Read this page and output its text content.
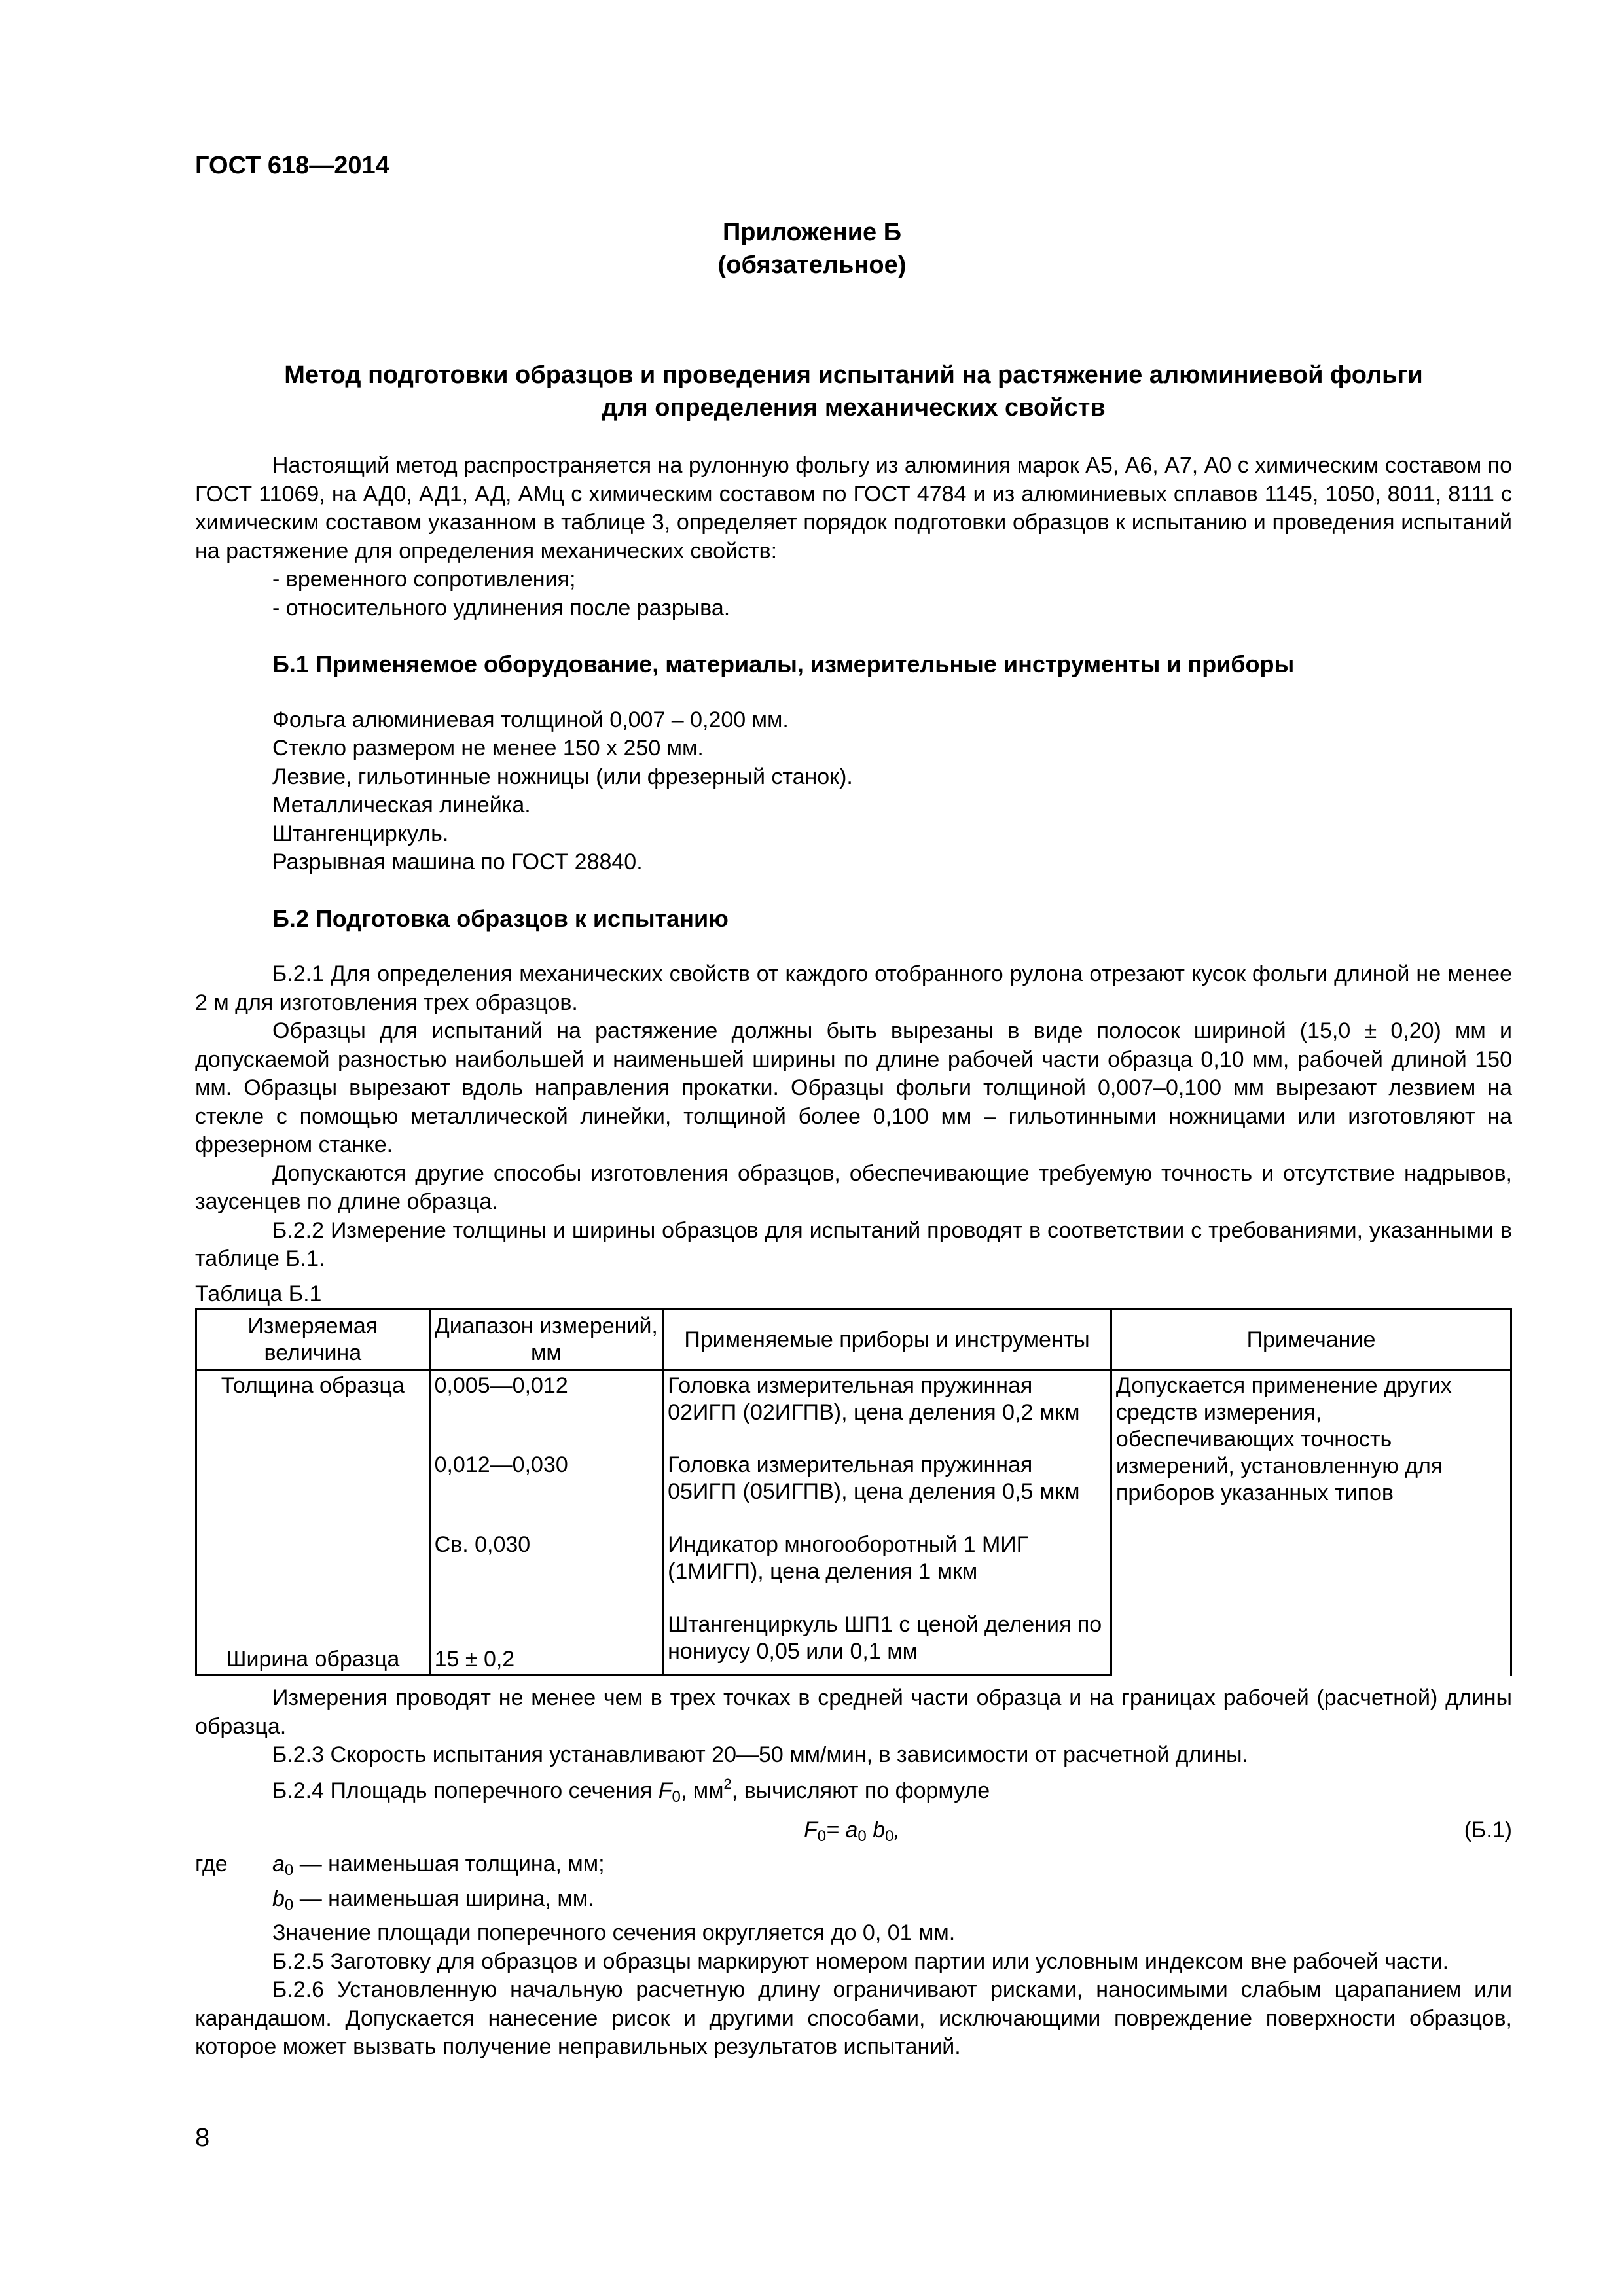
ГОСТ 618—2014
Приложение Б
(обязательное)
Метод подготовки образцов и проведения испытаний на растяжение алюминиевой фольги
для определения механических свойств

Настоящий метод распространяется на рулонную фольгу из алюминия марок А5, А6, А7, А0 с химическим составом по ГОСТ 11069, на АД0, АД1, АД, АМц с химическим составом по ГОСТ 4784 и из алюминиевых сплавов 1145, 1050, 8011, 8111 с химическим составом указанном в таблице 3, определяет порядок подготовки образцов к испытанию и проведения испытаний на растяжение для определения механических свойств:

- временного сопротивления;

- относительного удлинения после разрыва.

Б.1 Применяемое оборудование, материалы, измерительные инструменты и приборы

Фольга алюминиевая толщиной 0,007 – 0,200 мм.

Стекло размером не менее 150 х 250 мм.

Лезвие, гильотинные ножницы (или фрезерный станок).

Металлическая линейка.

Штангенциркуль.

Разрывная машина по ГОСТ 28840.

Б.2 Подготовка образцов к испытанию

Б.2.1 Для определения механических свойств от каждого отобранного рулона отрезают кусок фольги длиной не менее 2 м для изготовления трех образцов.

Образцы для испытаний на растяжение должны быть вырезаны в виде полосок шириной (15,0 ± 0,20) мм и допускаемой разностью наибольшей и наименьшей ширины по длине рабочей части образца 0,10 мм, рабочей длиной 150 мм. Образцы вырезают вдоль направления прокатки. Образцы фольги толщиной 0,007–0,100 мм вырезают лезвием на стекле с помощью металлической линейки, толщиной более 0,100 мм – гильотинными ножницами или изготовляют на фрезерном станке.

Допускаются другие способы изготовления образцов, обеспечивающие требуемую точность и отсутствие надрывов, заусенцев по длине образца.

Б.2.2 Измерение толщины и ширины образцов для испытаний проводят в соответствии с требованиями, указанными в таблице Б.1.

Таблица Б.1

Измеряемая величина	Диапазон измерений, мм	Применяемые приборы и инструменты	Примечание
Толщина образца	0,005—0,012	Головка измерительная пружинная 02ИГП (02ИГПВ), цена деления 0,2 мкм	Допускается применение других средств измерения, обеспечивающих точность измерений, установленную для приборов указанных типов
	0,012—0,030	Головка измерительная пружинная 05ИГП (05ИГПВ), цена деления 0,5 мкм	
	Св. 0,030	Индикатор многооборотный 1 МИГ (1МИГП), цена деления 1 мкм	
Ширина образца	15 ± 0,2	Штангенциркуль ШП1 с ценой деления по нониусу 0,05 или 0,1 мм	

Измерения проводят не менее чем в трех точках в средней части образца и на границах рабочей (расчетной) длины образца.

Б.2.3 Скорость испытания устанавливают 20—50 мм/мин, в зависимости от расчетной длины.

Б.2.4 Площадь поперечного сечения $F_0$, $мм^2$, вычисляют по формуле

$F_0= a_0$ $b_0$,	(Б.1)
где	$a_0$ — наименьшая толщина, мм;

$b_0$ — наименьшая ширина, мм.

Значение площади поперечного сечения округляется до 0, 01 мм.

Б.2.5 Заготовку для образцов и образцы маркируют номером партии или условным индексом вне рабочей части.

Б.2.6 Установленную начальную расчетную длину ограничивают рисками, наносимыми слабым царапанием или карандашом. Допускается нанесение рисок и другими способами, исключающими повреждение поверхности образцов, которое может вызвать получение неправильных результатов испытаний.

8
